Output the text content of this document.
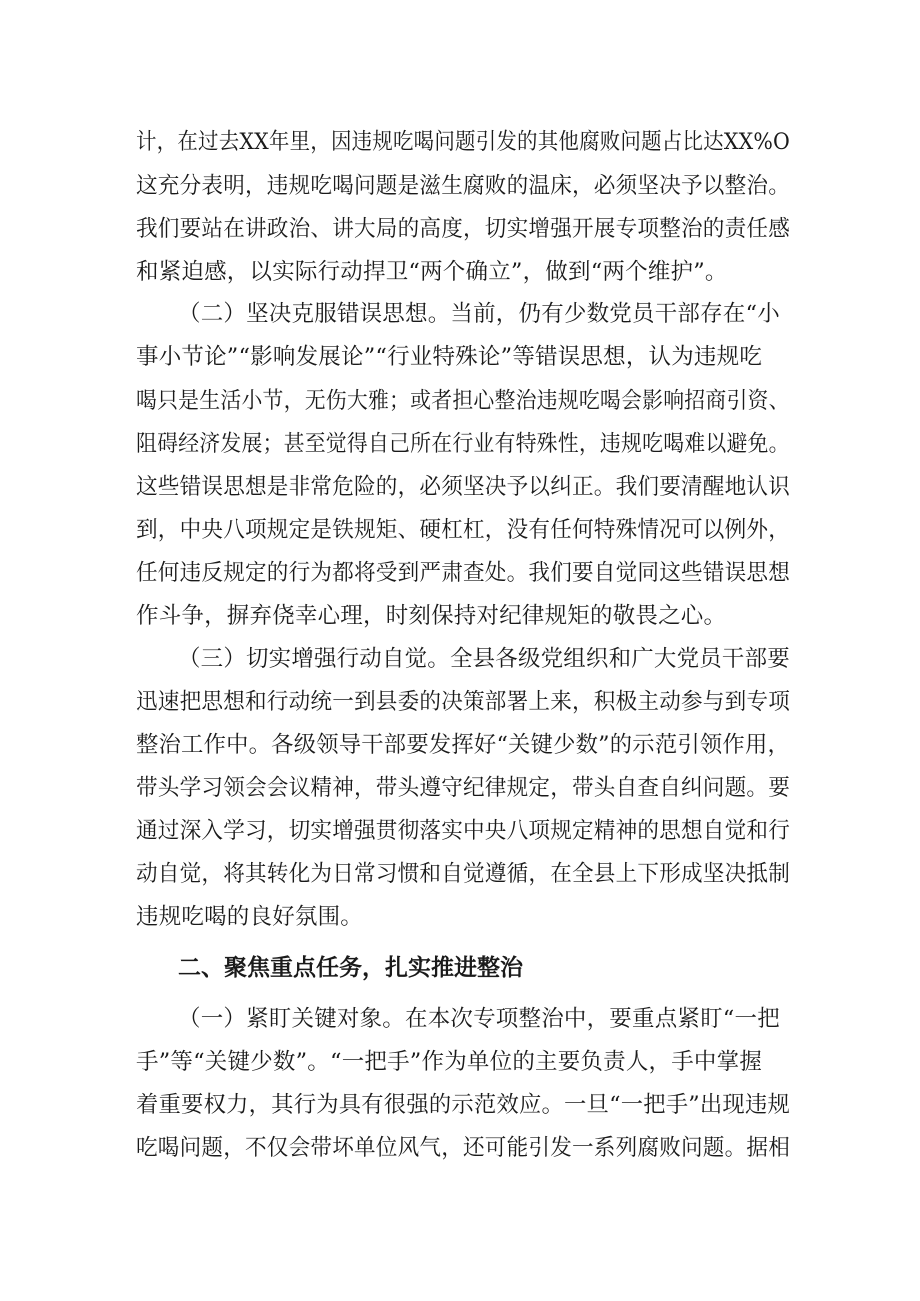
计，在过去XX年里，因违规吃喝问题引发的其他腐败问题占比达XX%O
这充分表明，违规吃喝问题是滋生腐败的温床，必须坚决予以整治。
我们要站在讲政治、讲大局的高度，切实增强开展专项整治的责任感
和紧迫感，以实际行动捍卫“两个确立”，做到“两个维护”。
（二）坚决克服错误思想。当前，仍有少数党员干部存在“小
事小节论”“影响发展论”“行业特殊论”等错误思想，认为违规吃
喝只是生活小节，无伤大雅；或者担心整治违规吃喝会影响招商引资、
阻碍经济发展；甚至觉得自己所在行业有特殊性，违规吃喝难以避免。
这些错误思想是非常危险的，必须坚决予以纠正。我们要清醒地认识
到，中央八项规定是铁规矩、硬杠杠，没有任何特殊情况可以例外，
任何违反规定的行为都将受到严肃查处。我们要自觉同这些错误思想
作斗争，摒弃侥幸心理，时刻保持对纪律规矩的敬畏之心。
（三）切实增强行动自觉。全县各级党组织和广大党员干部要
迅速把思想和行动统一到县委的决策部署上来，积极主动参与到专项
整治工作中。各级领导干部要发挥好“关键少数”的示范引领作用，
带头学习领会会议精神，带头遵守纪律规定，带头自查自纠问题。要
通过深入学习，切实增强贯彻落实中央八项规定精神的思想自觉和行
动自觉，将其转化为日常习惯和自觉遵循，在全县上下形成坚决抵制
违规吃喝的良好氛围。
二、聚焦重点任务，扎实推进整治
（一）紧盯关键对象。在本次专项整治中，要重点紧盯“一把
手”等“关键少数”。“一把手”作为单位的主要负责人，手中掌握
着重要权力，其行为具有很强的示范效应。一旦“一把手”出现违规
吃喝问题，不仅会带坏单位风气，还可能引发一系列腐败问题。据相
